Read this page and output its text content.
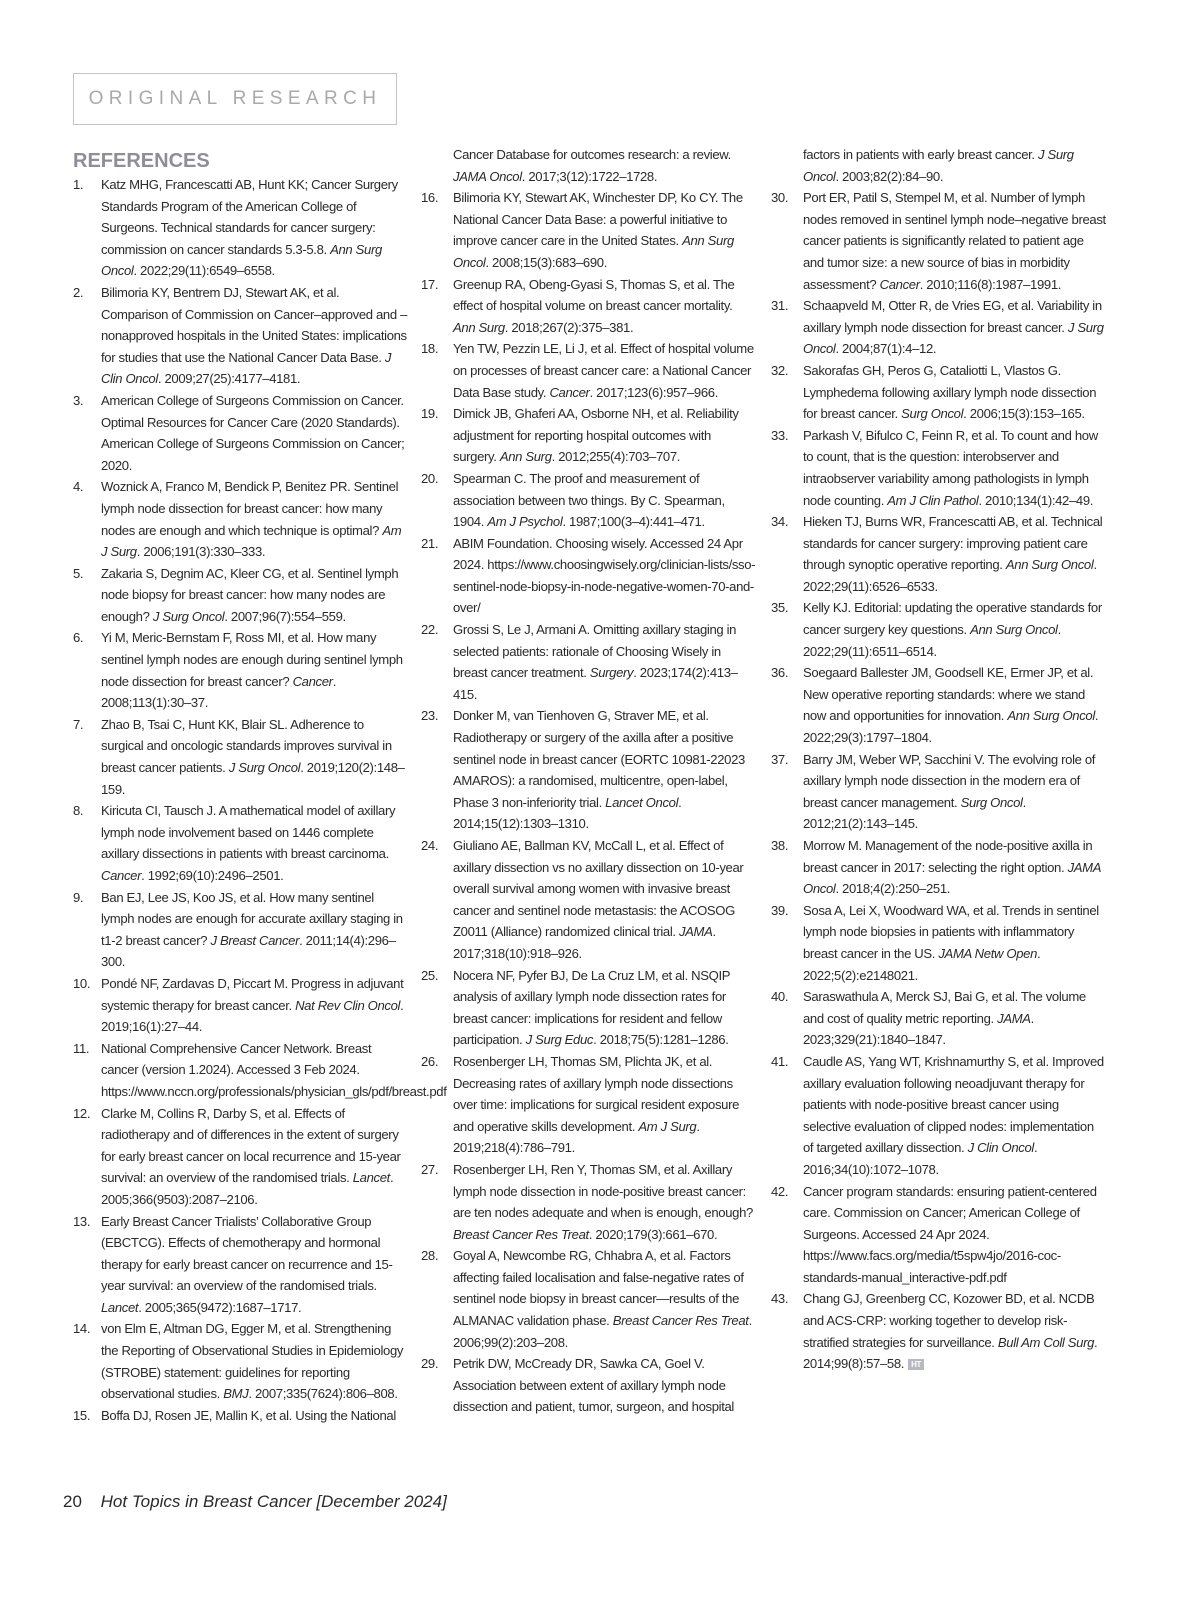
ORIGINAL RESEARCH
REFERENCES
1.	Katz MHG, Francescatti AB, Hunt KK; Cancer Surgery Standards Program of the American College of Surgeons. Technical standards for cancer surgery: commission on cancer standards 5.3-5.8. Ann Surg Oncol. 2022;29(11):6549–6558.
2.	Bilimoria KY, Bentrem DJ, Stewart AK, et al. Comparison of Commission on Cancer–approved and –nonapproved hospitals in the United States: implications for studies that use the National Cancer Data Base. J Clin Oncol. 2009;27(25):4177–4181.
3.	American College of Surgeons Commission on Cancer. Optimal Resources for Cancer Care (2020 Standards). American College of Surgeons Commission on Cancer; 2020.
4.	Woznick A, Franco M, Bendick P, Benitez PR. Sentinel lymph node dissection for breast cancer: how many nodes are enough and which technique is optimal? Am J Surg. 2006;191(3):330–333.
5.	Zakaria S, Degnim AC, Kleer CG, et al. Sentinel lymph node biopsy for breast cancer: how many nodes are enough? J Surg Oncol. 2007;96(7):554–559.
6.	Yi M, Meric-Bernstam F, Ross MI, et al. How many sentinel lymph nodes are enough during sentinel lymph node dissection for breast cancer? Cancer. 2008;113(1):30–37.
7.	Zhao B, Tsai C, Hunt KK, Blair SL. Adherence to surgical and oncologic standards improves survival in breast cancer patients. J Surg Oncol. 2019;120(2):148–159.
8.	Kiricuta CI, Tausch J. A mathematical model of axillary lymph node involvement based on 1446 complete axillary dissections in patients with breast carcinoma. Cancer. 1992;69(10):2496–2501.
9.	Ban EJ, Lee JS, Koo JS, et al. How many sentinel lymph nodes are enough for accurate axillary staging in t1-2 breast cancer? J Breast Cancer. 2011;14(4):296–300.
10. Pondé NF, Zardavas D, Piccart M. Progress in adjuvant systemic therapy for breast cancer. Nat Rev Clin Oncol. 2019;16(1):27–44.
11. National Comprehensive Cancer Network. Breast cancer (version 1.2024). Accessed 3 Feb 2024. https://www.nccn.org/professionals/physician_gls/pdf/breast.pdf
12. Clarke M, Collins R, Darby S, et al. Effects of radiotherapy and of differences in the extent of surgery for early breast cancer on local recurrence and 15-year survival: an overview of the randomised trials. Lancet. 2005;366(9503):2087–2106.
13. Early Breast Cancer Trialists’ Collaborative Group (EBCTCG). Effects of chemotherapy and hormonal therapy for early breast cancer on recurrence and 15-year survival: an overview of the randomised trials. Lancet. 2005;365(9472):1687–1717.
14. von Elm E, Altman DG, Egger M, et al. Strengthening the Reporting of Observational Studies in Epidemiology (STROBE) statement: guidelines for reporting observational studies. BMJ. 2007;335(7624):806–808.
15. Boffa DJ, Rosen JE, Mallin K, et al. Using the National
Cancer Database for outcomes research: a review. JAMA Oncol. 2017;3(12):1722–1728.
16.	Bilimoria KY, Stewart AK, Winchester DP, Ko CY. The National Cancer Data Base: a powerful initiative to improve cancer care in the United States. Ann Surg Oncol. 2008;15(3):683–690.
17.	Greenup RA, Obeng-Gyasi S, Thomas S, et al. The effect of hospital volume on breast cancer mortality. Ann Surg. 2018;267(2):375–381.
18.	Yen TW, Pezzin LE, Li J, et al. Effect of hospital volume on processes of breast cancer care: a National Cancer Data Base study. Cancer. 2017;123(6):957–966.
19.	Dimick JB, Ghaferi AA, Osborne NH, et al. Reliability adjustment for reporting hospital outcomes with surgery. Ann Surg. 2012;255(4):703–707.
20.	Spearman C. The proof and measurement of association between two things. By C. Spearman, 1904. Am J Psychol. 1987;100(3–4):441–471.
21.	ABIM Foundation. Choosing wisely. Accessed 24 Apr 2024. https://www.choosingwisely.org/clinician-lists/sso-sentinel-node-biopsy-in-node-negative-women-70-and-over/
22.	Grossi S, Le J, Armani A. Omitting axillary staging in selected patients: rationale of Choosing Wisely in breast cancer treatment. Surgery. 2023;174(2):413–415.
23.	Donker M, van Tienhoven G, Straver ME, et al. Radiotherapy or surgery of the axilla after a positive sentinel node in breast cancer (EORTC 10981-22023 AMAROS): a randomised, multicentre, open-label, Phase 3 non-inferiority trial. Lancet Oncol. 2014;15(12):1303–1310.
24.	Giuliano AE, Ballman KV, McCall L, et al. Effect of axillary dissection vs no axillary dissection on 10-year overall survival among women with invasive breast cancer and sentinel node metastasis: the ACOSOG Z0011 (Alliance) randomized clinical trial. JAMA. 2017;318(10):918–926.
25.	Nocera NF, Pyfer BJ, De La Cruz LM, et al. NSQIP analysis of axillary lymph node dissection rates for breast cancer: implications for resident and fellow participation. J Surg Educ. 2018;75(5):1281–1286.
26.	Rosenberger LH, Thomas SM, Plichta JK, et al. Decreasing rates of axillary lymph node dissections over time: implications for surgical resident exposure and operative skills development. Am J Surg. 2019;218(4):786–791.
27.	Rosenberger LH, Ren Y, Thomas SM, et al. Axillary lymph node dissection in node-positive breast cancer: are ten nodes adequate and when is enough, enough? Breast Cancer Res Treat. 2020;179(3):661–670.
28.	Goyal A, Newcombe RG, Chhabra A, et al. Factors affecting failed localisation and false-negative rates of sentinel node biopsy in breast cancer—results of the ALMANAC validation phase. Breast Cancer Res Treat. 2006;99(2):203–208.
29.	Petrik DW, McCready DR, Sawka CA, Goel V. Association between extent of axillary lymph node dissection and patient, tumor, surgeon, and hospital
factors in patients with early breast cancer. J Surg Oncol. 2003;82(2):84–90.
30.	Port ER, Patil S, Stempel M, et al. Number of lymph nodes removed in sentinel lymph node–negative breast cancer patients is significantly related to patient age and tumor size: a new source of bias in morbidity assessment? Cancer. 2010;116(8):1987–1991.
31.	Schaapveld M, Otter R, de Vries EG, et al. Variability in axillary lymph node dissection for breast cancer. J Surg Oncol. 2004;87(1):4–12.
32.	Sakorafas GH, Peros G, Cataliotti L, Vlastos G. Lymphedema following axillary lymph node dissection for breast cancer. Surg Oncol. 2006;15(3):153–165.
33.	Parkash V, Bifulco C, Feinn R, et al. To count and how to count, that is the question: interobserver and intraobserver variability among pathologists in lymph node counting. Am J Clin Pathol. 2010;134(1):42–49.
34.	Hieken TJ, Burns WR, Francescatti AB, et al. Technical standards for cancer surgery: improving patient care through synoptic operative reporting. Ann Surg Oncol. 2022;29(11):6526–6533.
35.	Kelly KJ. Editorial: updating the operative standards for cancer surgery key questions. Ann Surg Oncol. 2022;29(11):6511–6514.
36.	Soegaard Ballester JM, Goodsell KE, Ermer JP, et al. New operative reporting standards: where we stand now and opportunities for innovation. Ann Surg Oncol. 2022;29(3):1797–1804.
37.	Barry JM, Weber WP, Sacchini V. The evolving role of axillary lymph node dissection in the modern era of breast cancer management. Surg Oncol. 2012;21(2):143–145.
38.	Morrow M. Management of the node-positive axilla in breast cancer in 2017: selecting the right option. JAMA Oncol. 2018;4(2):250–251.
39.	Sosa A, Lei X, Woodward WA, et al. Trends in sentinel lymph node biopsies in patients with inflammatory breast cancer in the US. JAMA Netw Open. 2022;5(2):e2148021.
40.	Saraswathula A, Merck SJ, Bai G, et al. The volume and cost of quality metric reporting. JAMA. 2023;329(21):1840–1847.
41.	Caudle AS, Yang WT, Krishnamurthy S, et al. Improved axillary evaluation following neoadjuvant therapy for patients with node-positive breast cancer using selective evaluation of clipped nodes: implementation of targeted axillary dissection. J Clin Oncol. 2016;34(10):1072–1078.
42.	Cancer program standards: ensuring patient-centered care. Commission on Cancer; American College of Surgeons. Accessed 24 Apr 2024. https://www.facs.org/media/t5spw4jo/2016-coc-standards-manual_interactive-pdf.pdf
43.	Chang GJ, Greenberg CC, Kozower BD, et al. NCDB and ACS-CRP: working together to develop risk-stratified strategies for surveillance. Bull Am Coll Surg. 2014;99(8):57–58. HT
20 Hot Topics in Breast Cancer [December 2024]
